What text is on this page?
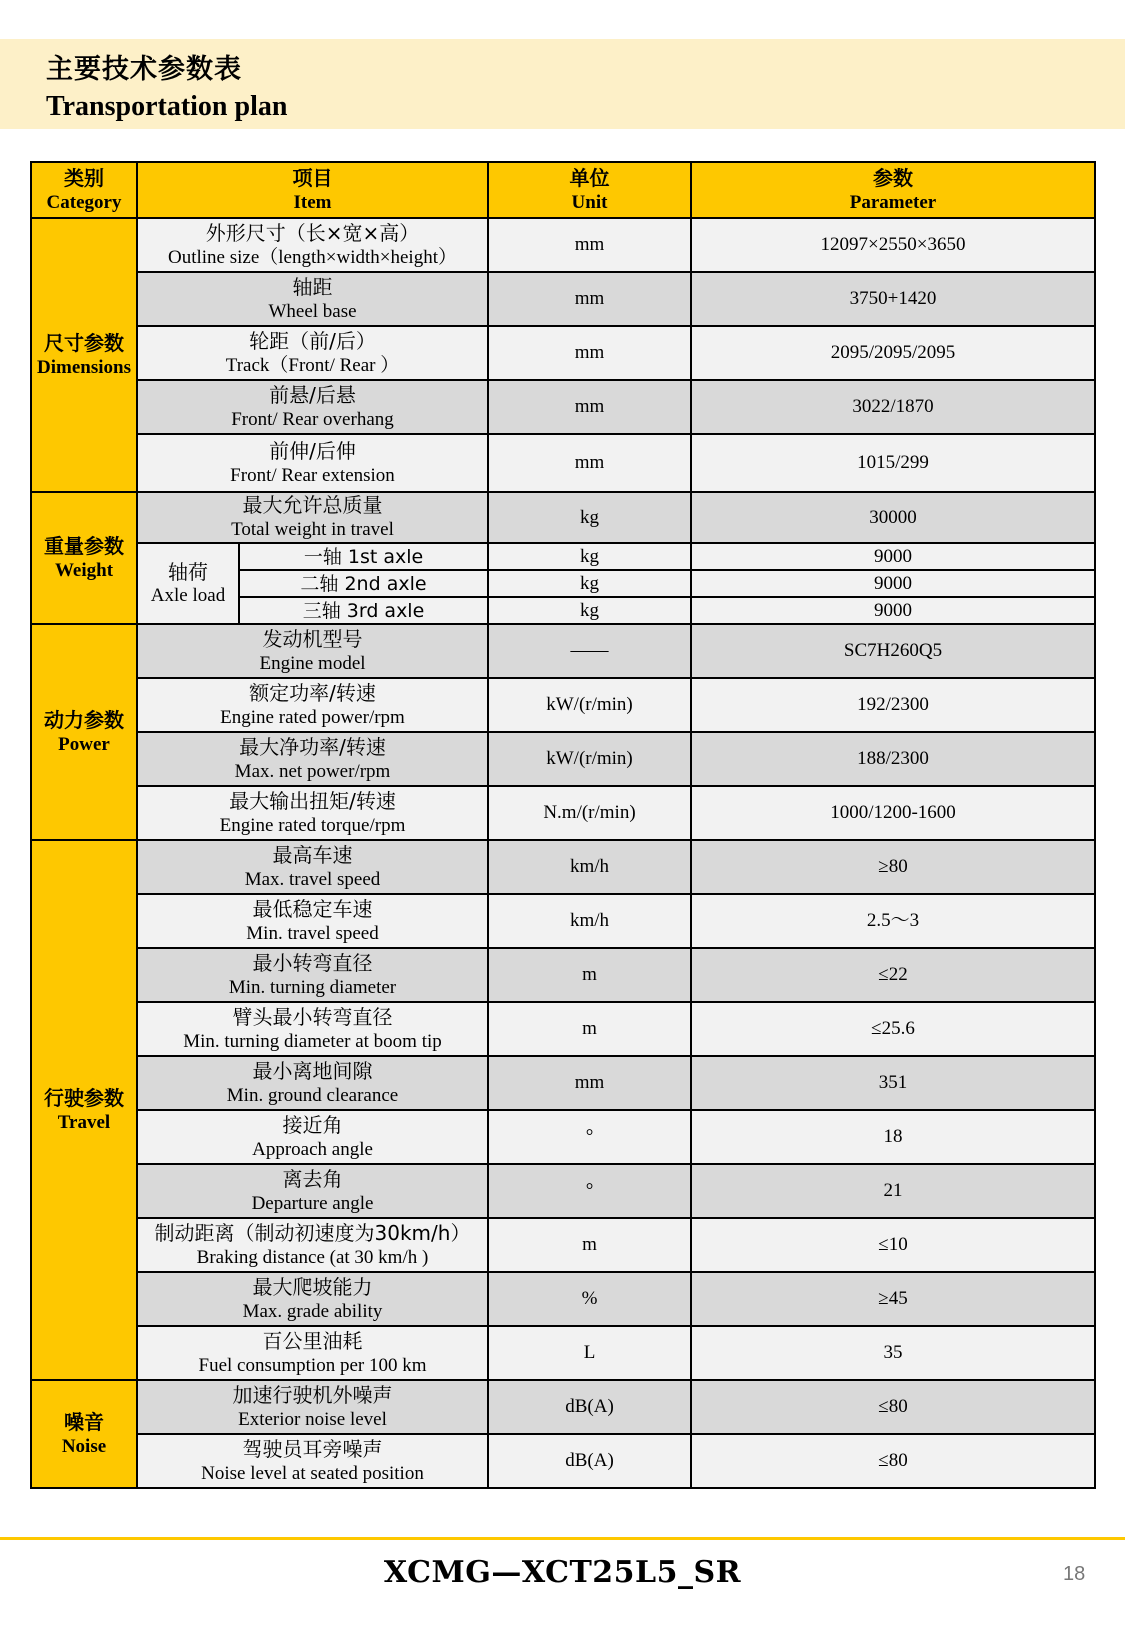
主要技术参数表
Transportation plan
类别
Category	项目
Item		单位
Unit	参数
Parameter

尺寸参数
Dimensions	外形尺寸（长×宽×高）
Outline size（length×width×height）		mm	12097×2550×3650

	轴距
Wheel base		mm	3750+1420

	轮距（前/后）
Track（Front/ Rear ）		mm	2095/2095/2095

	前悬/后悬
Front/ Rear overhang		mm	3022/1870

	前伸/后伸
Front/ Rear extension		mm	1015/299

重量参数
Weight	最大允许总质量
Total weight in travel		kg	30000

	轴荷
Axle load	一轴 1st axle	kg	9000
		二轴 2nd axle	kg	9000
		三轴 3rd axle	kg	9000

动力参数
Power	发动机型号
Engine model		——	SC7H260Q5

	额定功率/转速
Engine rated power/rpm		kW/(r/min)	192/2300

	最大净功率/转速
Max. net power/rpm		kW/(r/min)	188/2300

	最大输出扭矩/转速
Engine rated torque/rpm		N.m/(r/min)	1000/1200-1600

行驶参数
Travel	最高车速
Max. travel speed		km/h	≥80

	最低稳定车速
Min. travel speed		km/h	2.5～3

	最小转弯直径
Min. turning diameter		m	≤22

	臂头最小转弯直径
Min. turning diameter at boom tip		m	≤25.6

	最小离地间隙
Min. ground clearance		mm	351

	接近角
Approach angle		°	18

	离去角
Departure angle		°	21

	制动距离（制动初速度为30km/h）
Braking distance (at 30 km/h )		m	≤10

	最大爬坡能力
Max. grade ability		%	≥45

	百公里油耗
Fuel consumption per 100 km		L	35

噪音
Noise	加速行驶机外噪声
Exterior noise level		dB(A)	≤80

	驾驶员耳旁噪声
Noise level at seated position		dB(A)	≤80
XCMG—XCT25L5_SR	18
